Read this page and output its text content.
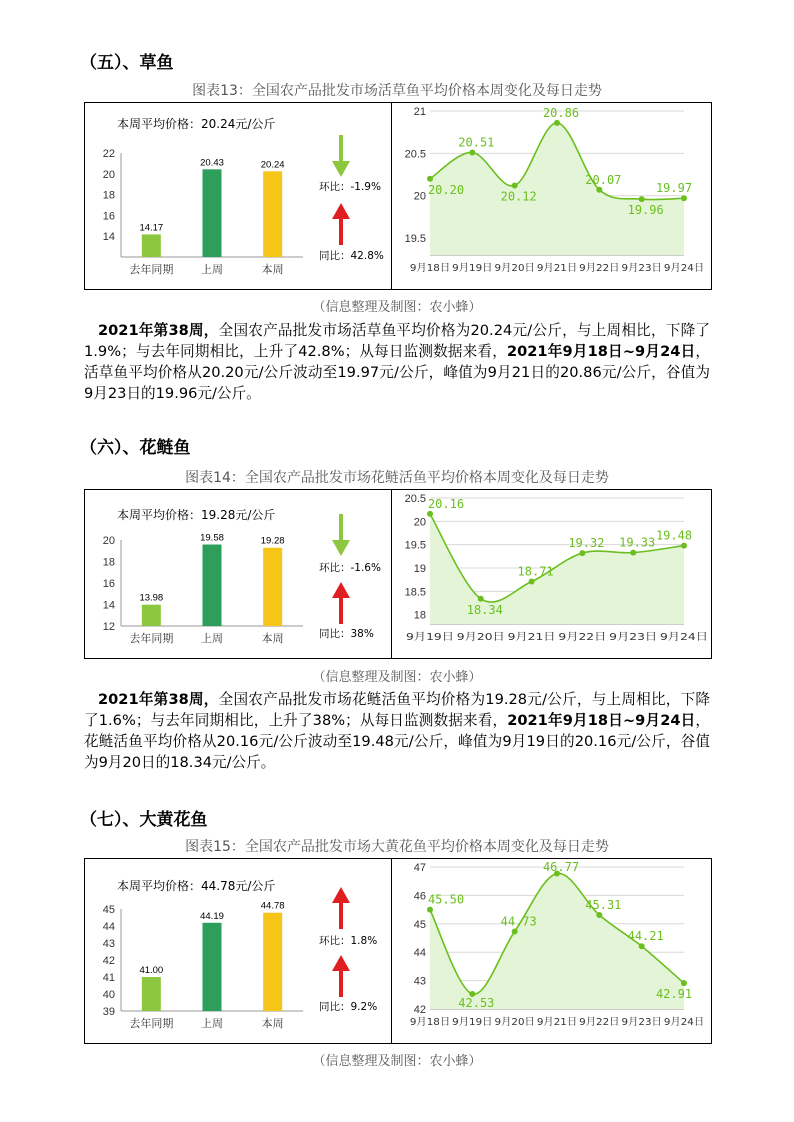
（五）、草鱼
图表13：全国农产品批发市场活草鱼平均价格本周变化及每日走势
14
16
18
20
22
14.17
去年同期
20.43
上周
20.24
本周
本周平均价格：20.24元/公斤
环比：-1.9%
同比：42.8%
19.5
20
20.5
21
9月18日 9月19日 9月20日 9月21日 9月22日 9月23日 9月24日
20.20
20.51
20.12
20.86
20.07
19.96
19.97
（信息整理及制图：农小蜂）
2021年第38周，全国农产品批发市场活草鱼平均价格为20.24元/公斤，与上周相比，下降了1.9%；与去年同期相比，上升了42.8%；从每日监测数据来看，2021年9月18日~9月24日，活草鱼平均价格从20.20元/公斤波动至19.97元/公斤，峰值为9月21日的20.86元/公斤，谷值为9月23日的19.96元/公斤。
（六）、花鲢鱼
图表14：全国农产品批发市场花鲢活鱼平均价格本周变化及每日走势
12
14
16
18
20
13.98
去年同期
19.58
上周
19.28
本周
本周平均价格：19.28元/公斤
环比：-1.6%
同比：38%
18
18.5
19
19.5
20
20.5
9月19日	9月20日	9月21日	9月22日	9月23日	9月24日
20.16
18.34
18.71
19.32 19.33 19.48
（信息整理及制图：农小蜂）
2021年第38周，全国农产品批发市场花鲢活鱼平均价格为19.28元/公斤，与上周相比，下降了1.6%；与去年同期相比，上升了38%；从每日监测数据来看，2021年9月18日~9月24日，花鲢活鱼平均价格从20.16元/公斤波动至19.48元/公斤，峰值为9月19日的20.16元/公斤，谷值为9月20日的18.34元/公斤。
（七）、大黄花鱼
图表15：全国农产品批发市场大黄花鱼平均价格本周变化及每日走势
39
40
41
42
43
44
45
41.00
去年同期
44.19
上周
44.78
本周
本周平均价格：44.78元/公斤
环比：1.8%
同比：9.2%	42
43
44
45
46
47
9月18日 9月19日 9月20日 9月21日 9月22日 9月23日 9月24日
45.50
42.53
44.73
46.77
45.31
44.21
42.91
（信息整理及制图：农小蜂）
